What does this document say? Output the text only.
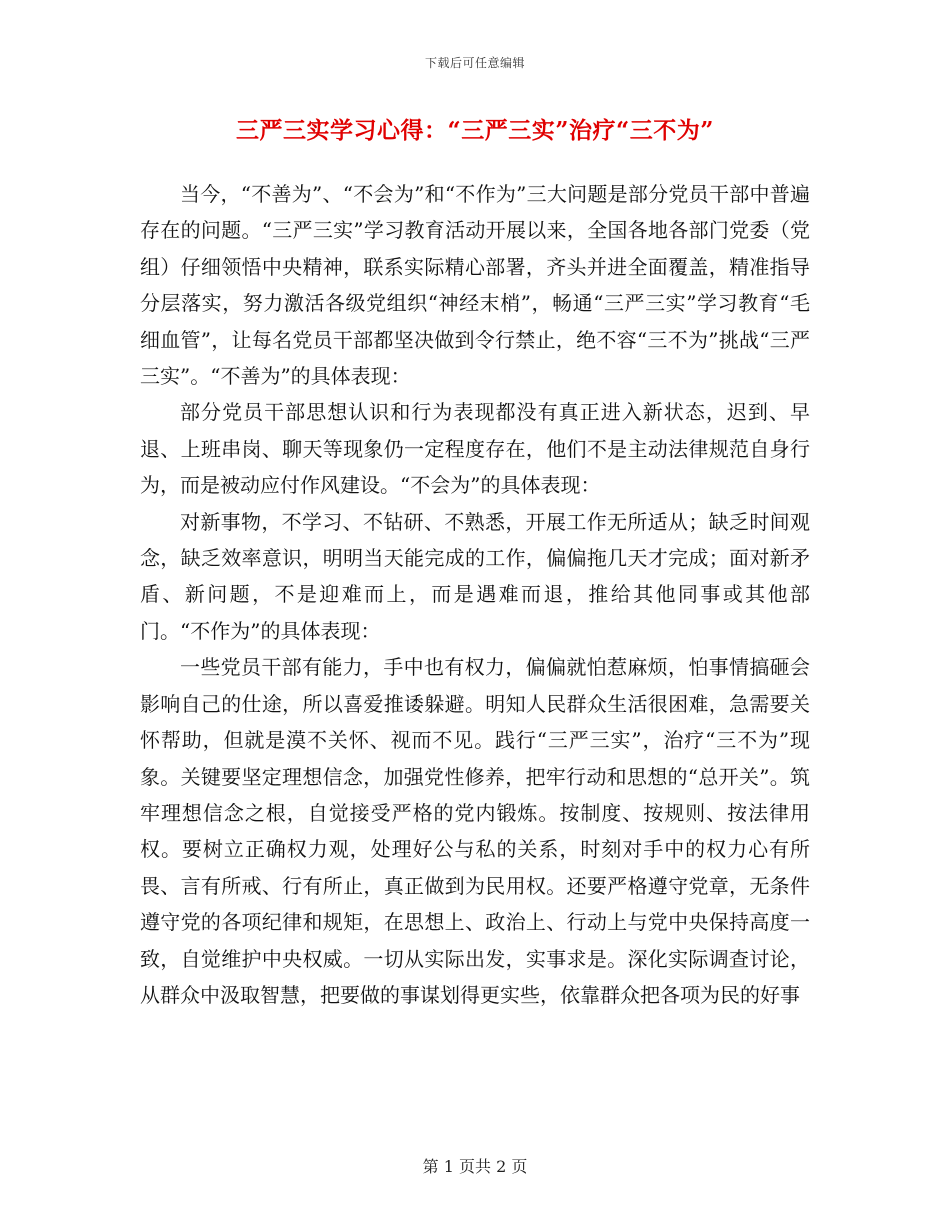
下载后可任意编辑
三严三实学习心得：“三严三实”治疗“三不为”

当今，“不善为”、“不会为”和“不作为”三大问题是部分党员干部中普遍存在的问题。“三严三实”学习教育活动开展以来，全国各地各部门党委（党组）仔细领悟中央精神，联系实际精心部署，齐头并进全面覆盖，精准指导分层落实，努力激活各级党组织“神经末梢”，畅通“三严三实”学习教育“毛细血管”，让每名党员干部都坚决做到令行禁止，绝不容“三不为”挑战“三严三实”。“不善为”的具体表现：

部分党员干部思想认识和行为表现都没有真正进入新状态，迟到、早退、上班串岗、聊天等现象仍一定程度存在，他们不是主动法律规范自身行为，而是被动应付作风建设。“不会为”的具体表现：

对新事物，不学习、不钻研、不熟悉，开展工作无所适从；缺乏时间观念，缺乏效率意识，明明当天能完成的工作，偏偏拖几天才完成；面对新矛盾、新问题，不是迎难而上，而是遇难而退，推给其他同事或其他部门。“不作为”的具体表现：

一些党员干部有能力，手中也有权力，偏偏就怕惹麻烦，怕事情搞砸会影响自己的仕途，所以喜爱推诿躲避。明知人民群众生活很困难，急需要关怀帮助，但就是漠不关怀、视而不见。践行“三严三实”，治疗“三不为”现象。关键要坚定理想信念，加强党性修养，把牢行动和思想的“总开关”。筑牢理想信念之根，自觉接受严格的党内锻炼。按制度、按规则、按法律用权。要树立正确权力观，处理好公与私的关系，时刻对手中的权力心有所畏、言有所戒、行有所止，真正做到为民用权。还要严格遵守党章，无条件遵守党的各项纪律和规矩，在思想上、政治上、行动上与党中央保持高度一致，自觉维护中央权威。一切从实际出发，实事求是。深化实际调查讨论，从群众中汲取智慧，把要做的事谋划得更实些，依靠群众把各项为民的好事

第 1 页共 2 页
